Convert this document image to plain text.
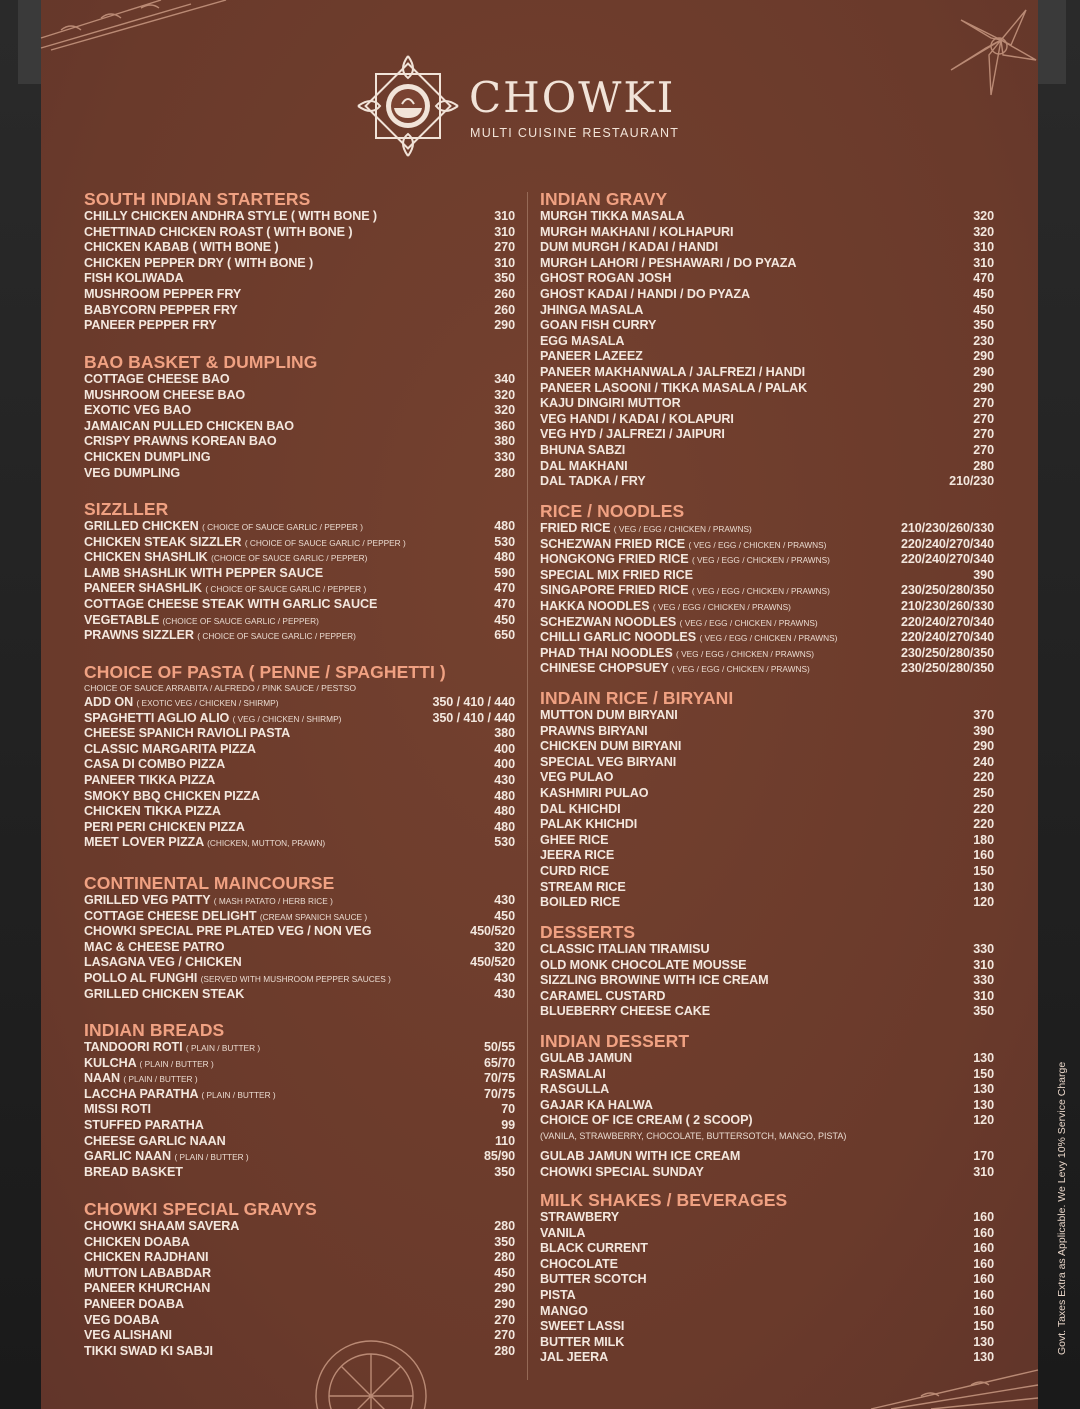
CHOWKI
MULTI CUISINE RESTAURANT
SOUTH INDIAN STARTERS
CHILLY CHICKEN ANDHRA STYLE ( WITH BONE )	310
CHETTINAD CHICKEN ROAST ( WITH BONE )	310
CHICKEN KABAB ( WITH BONE )	270
CHICKEN PEPPER DRY ( WITH BONE )	310
FISH KOLIWADA	350
MUSHROOM PEPPER FRY	260
BABYCORN PEPPER FRY	260
PANEER PEPPER FRY	290
BAO BASKET & DUMPLING
COTTAGE CHEESE BAO	340
MUSHROOM CHEESE BAO	320
EXOTIC VEG BAO	320
JAMAICAN PULLED CHICKEN BAO	360
CRISPY PRAWNS KOREAN BAO	380
CHICKEN DUMPLING	330
VEG DUMPLING	280
SIZZLLER
GRILLED CHICKEN ( CHOICE OF SAUCE GARLIC / PEPPER )	480
CHICKEN STEAK SIZZLER ( CHOICE OF SAUCE GARLIC / PEPPER )	530
CHICKEN SHASHLIK (CHOICE OF SAUCE GARLIC / PEPPER)	480
LAMB SHASHLIK WITH PEPPER SAUCE	590
PANEER SHASHLIK ( CHOICE OF SAUCE GARLIC / PEPPER )	470
COTTAGE CHEESE STEAK WITH GARLIC SAUCE	470
VEGETABLE (CHOICE OF SAUCE GARLIC / PEPPER)	450
PRAWNS SIZZLER ( CHOICE OF SAUCE GARLIC / PEPPER)	650
CHOICE OF PASTA ( PENNE / SPAGHETTI )
CHOICE OF SAUCE ARRABITA / ALFREDO / PINK SAUCE / PESTSO
ADD ON ( EXOTIC VEG / CHICKEN / SHIRMP)	350 / 410 / 440
SPAGHETTI AGLIO ALIO ( VEG / CHICKEN / SHIRMP)	350 / 410 / 440
CHEESE SPANICH RAVIOLI PASTA	380
CLASSIC MARGARITA PIZZA	400
CASA DI COMBO PIZZA	400
PANEER TIKKA PIZZA	430
SMOKY BBQ CHICKEN PIZZA	480
CHICKEN TIKKA PIZZA	480
PERI PERI CHICKEN PIZZA	480
MEET LOVER PIZZA (CHICKEN, MUTTON, PRAWN)	530
CONTINENTAL MAINCOURSE
GRILLED VEG PATTY ( MASH PATATO / HERB RICE )	430
COTTAGE CHEESE DELIGHT (CREAM SPANICH SAUCE )	450
CHOWKI SPECIAL PRE PLATED VEG / NON VEG	450/520
MAC & CHEESE PATRO	320
LASAGNA VEG / CHICKEN	450/520
POLLO AL FUNGHI (SERVED WITH MUSHROOM PEPPER SAUCES )	430
GRILLED CHICKEN STEAK	430
INDIAN BREADS
TANDOORI ROTI ( PLAIN / BUTTER )	50/55
KULCHA ( PLAIN / BUTTER )	65/70
NAAN ( PLAIN / BUTTER )	70/75
LACCHA PARATHA ( PLAIN / BUTTER )	70/75
MISSI ROTI	70
STUFFED PARATHA	99
CHEESE GARLIC NAAN	110
GARLIC NAAN ( PLAIN / BUTTER )	85/90
BREAD BASKET	350
CHOWKI SPECIAL GRAVYS
CHOWKI SHAAM SAVERA	280
CHICKEN DOABA	350
CHICKEN RAJDHANI	280
MUTTON LABABDAR	450
PANEER KHURCHAN	290
PANEER DOABA	290
VEG DOABA	270
VEG ALISHANI	270
TIKKI SWAD KI SABJI	280
INDIAN GRAVY
MURGH TIKKA MASALA	320
MURGH MAKHANI / KOLHAPURI	320
DUM MURGH / KADAI / HANDI	310
MURGH LAHORI / PESHAWARI / DO PYAZA	310
GHOST ROGAN JOSH	470
GHOST KADAI / HANDI / DO PYAZA	450
JHINGA MASALA	450
GOAN FISH CURRY	350
EGG MASALA	230
PANEER LAZEEZ	290
PANEER MAKHANWALA / JALFREZI / HANDI	290
PANEER LASOONI / TIKKA MASALA / PALAK	290
KAJU DINGIRI MUTTOR	270
VEG HANDI / KADAI / KOLAPURI	270
VEG HYD / JALFREZI / JAIPURI	270
BHUNA SABZI	270
DAL MAKHANI	280
DAL TADKA / FRY	210/230
RICE / NOODLES
FRIED RICE ( VEG / EGG / CHICKEN / PRAWNS)	210/230/260/330
SCHEZWAN FRIED RICE ( VEG / EGG / CHICKEN / PRAWNS)	220/240/270/340
HONGKONG FRIED RICE ( VEG / EGG / CHICKEN / PRAWNS)	220/240/270/340
SPECIAL MIX FRIED RICE	390
SINGAPORE FRIED RICE ( VEG / EGG / CHICKEN / PRAWNS)	230/250/280/350
HAKKA NOODLES ( VEG / EGG / CHICKEN / PRAWNS)	210/230/260/330
SCHEZWAN NOODLES ( VEG / EGG / CHICKEN / PRAWNS)	220/240/270/340
CHILLI GARLIC NOODLES ( VEG / EGG / CHICKEN / PRAWNS)	220/240/270/340
PHAD THAI NOODLES ( VEG / EGG / CHICKEN / PRAWNS)	230/250/280/350
CHINESE CHOPSUEY ( VEG / EGG / CHICKEN / PRAWNS)	230/250/280/350
INDAIN RICE / BIRYANI
MUTTON DUM BIRYANI	370
PRAWNS BIRYANI	390
CHICKEN DUM BIRYANI	290
SPECIAL VEG BIRYANI	240
VEG PULAO	220
KASHMIRI PULAO	250
DAL KHICHDI	220
PALAK KHICHDI	220
GHEE RICE	180
JEERA RICE	160
CURD RICE	150
STREAM RICE	130
BOILED RICE	120
DESSERTS
CLASSIC ITALIAN TIRAMISU	330
OLD MONK CHOCOLATE MOUSSE	310
SIZZLING BROWINE WITH ICE CREAM	330
CARAMEL CUSTARD	310
BLUEBERRY CHEESE CAKE	350
INDIAN DESSERT
GULAB JAMUN	130
RASMALAI	150
RASGULLA	130
GAJAR KA HALWA	130
CHOICE OF ICE CREAM ( 2 SCOOP)	120
(VANILA, STRAWBERRY, CHOCOLATE, BUTTERSOTCH, MANGO, PISTA)
GULAB JAMUN WITH ICE CREAM	170
CHOWKI SPECIAL SUNDAY	310
MILK SHAKES / BEVERAGES
STRAWBERY	160
VANILA	160
BLACK CURRENT	160
CHOCOLATE	160
BUTTER SCOTCH	160
PISTA	160
MANGO	160
SWEET LASSI	150
BUTTER MILK	130
JAL JEERA	130
Govt. Taxes Extra as Applicable. We Levy 10% Service Charge
